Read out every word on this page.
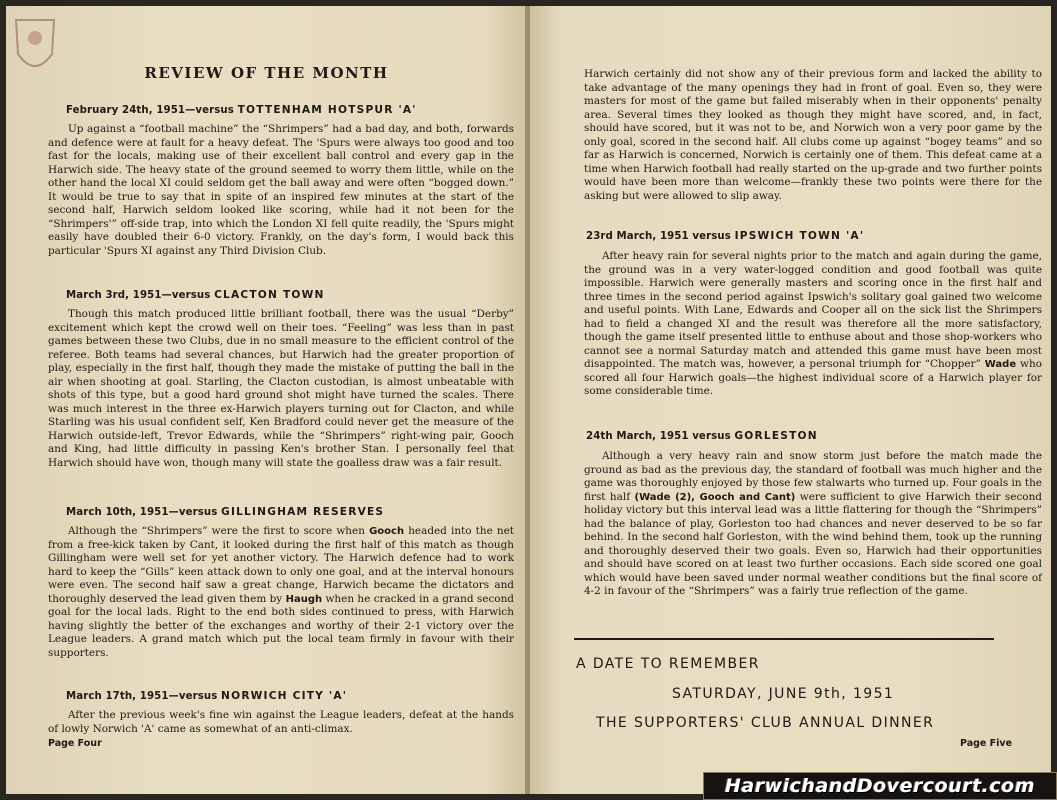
REVIEW OF THE MONTH
February 24th, 1951—versus TOTTENHAM HOTSPUR 'A'

Up against a “football machine” the “Shrimpers” had a bad day, and both, forwards and defence were at fault for a heavy defeat. The 'Spurs were always too good and too fast for the locals, making use of their excellent ball control and every gap in the Harwich side. The heavy state of the ground seemed to worry them little, while on the other hand the local XI could seldom get the ball away and were often “bogged down.” It would be true to say that in spite of an inspired few minutes at the start of the second half, Harwich seldom looked like scoring, while had it not been for the “Shrimpers'” off-side trap, into which the London XI fell quite readily, the 'Spurs might easily have doubled their 6-0 victory. Frankly, on the day's form, I would back this particular 'Spurs XI against any Third Division Club.

March 3rd, 1951—versus CLACTON TOWN

Though this match produced little brilliant football, there was the usual “Derby” excitement which kept the crowd well on their toes. “Feeling” was less than in past games between these two Clubs, due in no small measure to the efficient control of the referee. Both teams had several chances, but Harwich had the greater proportion of play, especially in the first half, though they made the mistake of putting the ball in the air when shooting at goal. Starling, the Clacton custodian, is almost unbeatable with shots of this type, but a good hard ground shot might have turned the scales. There was much interest in the three ex-Harwich players turning out for Clacton, and while Starling was his usual confident self, Ken Bradford could never get the measure of the Harwich outside-left, Trevor Edwards, while the “Shrimpers” right-wing pair, Gooch and King, had little difficulty in passing Ken's brother Stan. I personally feel that Harwich should have won, though many will state the goalless draw was a fair result.

March 10th, 1951—versus GILLINGHAM RESERVES

Although the “Shrimpers” were the first to score when Gooch headed into the net from a free-kick taken by Cant, it looked during the first half of this match as though Gillingham were well set for yet another victory. The Harwich defence had to work hard to keep the “Gills” keen attack down to only one goal, and at the interval honours were even. The second half saw a great change, Harwich became the dictators and thoroughly deserved the lead given them by Haugh when he cracked in a grand second goal for the local lads. Right to the end both sides continued to press, with Harwich having slightly the better of the exchanges and worthy of their 2-1 victory over the League leaders. A grand match which put the local team firmly in favour with their supporters.

March 17th, 1951—versus NORWICH CITY 'A'

After the previous week's fine win against the League leaders, defeat at the hands of lowly Norwich 'A' came as somewhat of an anti-climax.

Page Four

Harwich certainly did not show any of their previous form and lacked the ability to take advantage of the many openings they had in front of goal. Even so, they were masters for most of the game but failed miserably when in their opponents' penalty area. Several times they looked as though they might have scored, and, in fact, should have scored, but it was not to be, and Norwich won a very poor game by the only goal, scored in the second half. All clubs come up against “bogey teams” and so far as Harwich is concerned, Norwich is certainly one of them. This defeat came at a time when Harwich football had really started on the up-grade and two further points would have been more than welcome—frankly these two points were there for the asking but were allowed to slip away.

23rd March, 1951 versus IPSWICH TOWN 'A'

After heavy rain for several nights prior to the match and again during the game, the ground was in a very water-logged condition and good football was quite impossible. Harwich were generally masters and scoring once in the first half and three times in the second period against Ipswich's solitary goal gained two welcome and useful points. With Lane, Edwards and Cooper all on the sick list the Shrimpers had to field a changed XI and the result was therefore all the more satisfactory, though the game itself presented little to enthuse about and those shop-workers who cannot see a normal Saturday match and attended this game must have been most disappointed. The match was, however, a personal triumph for “Chopper” Wade who scored all four Harwich goals—the highest individual score of a Harwich player for some considerable time.

24th March, 1951 versus GORLESTON

Although a very heavy rain and snow storm just before the match made the ground as bad as the previous day, the standard of football was much higher and the game was thoroughly enjoyed by those few stalwarts who turned up. Four goals in the first half (Wade (2), Gooch and Cant) were sufficient to give Harwich their second holiday victory but this interval lead was a little flattering for though the “Shrimpers” had the balance of play, Gorleston too had chances and never deserved to be so far behind. In the second half Gorleston, with the wind behind them, took up the running and thoroughly deserved their two goals. Even so, Harwich had their opportunities and should have scored on at least two further occasions. Each side scored one goal which would have been saved under normal weather conditions but the final score of 4-2 in favour of the “Shrimpers” was a fairly true reflection of the game.

A DATE TO REMEMBER
SATURDAY, JUNE 9th, 1951
THE SUPPORTERS' CLUB ANNUAL DINNER
Page Five
HarwichandDovercourt.com
